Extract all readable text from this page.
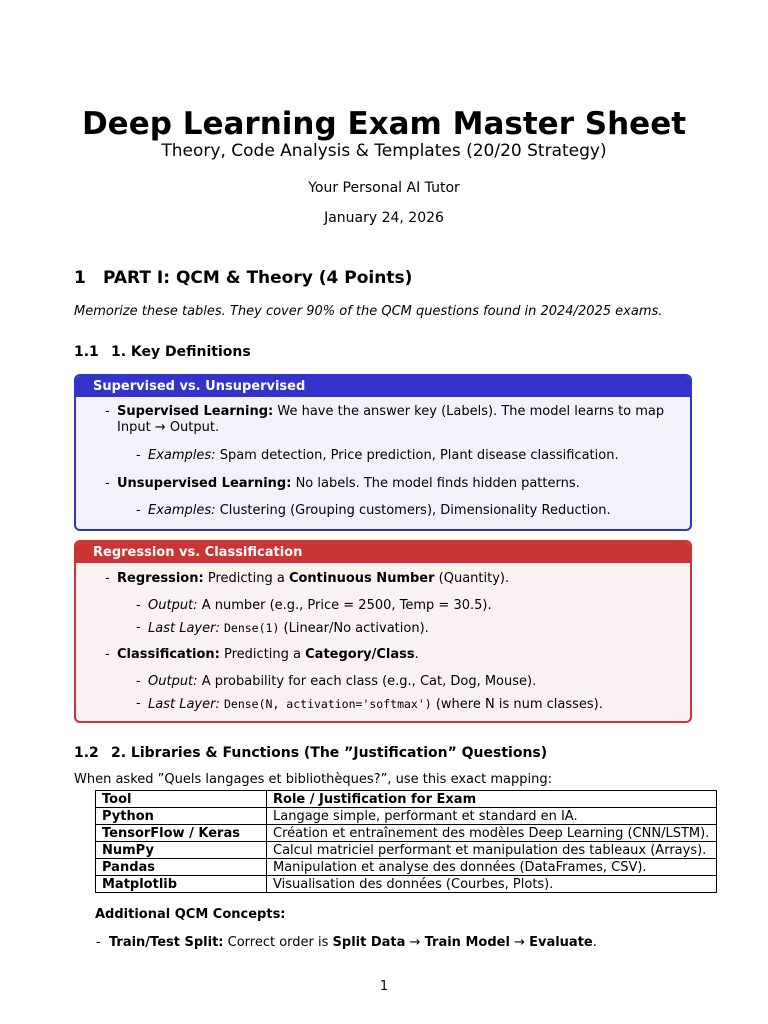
Deep Learning Exam Master Sheet
Theory, Code Analysis & Templates (20/20 Strategy)
Your Personal AI Tutor
January 24, 2026
1 PART I: QCM & Theory (4 Points)
Memorize these tables. They cover 90% of the QCM questions found in 2024/2025 exams.
1.1 1. Key Definitions
Supervised vs. Unsupervised
- Supervised Learning: We have the answer key (Labels). The model learns to map Input → Output.
- Examples: Spam detection, Price prediction, Plant disease classification.
- Unsupervised Learning: No labels. The model finds hidden patterns.
- Examples: Clustering (Grouping customers), Dimensionality Reduction.
Regression vs. Classification
- Regression: Predicting a Continuous Number (Quantity).
- Output: A number (e.g., Price = 2500, Temp = 30.5).
- Last Layer: Dense(1) (Linear/No activation).
- Classification: Predicting a Category/Class.
- Output: A probability for each class (e.g., Cat, Dog, Mouse).
- Last Layer: Dense(N, activation='softmax') (where N is num classes).
1.2 2. Libraries & Functions (The ”Justification” Questions)
When asked ”Quels langages et bibliothèques?”, use this exact mapping:
Tool	Role / Justification for Exam
Python	Langage simple, performant et standard en IA.
TensorFlow / Keras	Création et entraînement des modèles Deep Learning (CNN/LSTM).
NumPy	Calcul matriciel performant et manipulation des tableaux (Arrays).
Pandas	Manipulation et analyse des données (DataFrames, CSV).
Matplotlib	Visualisation des données (Courbes, Plots).
Additional QCM Concepts:
-  Train/Test Split: Correct order is Split Data → Train Model → Evaluate.
1
